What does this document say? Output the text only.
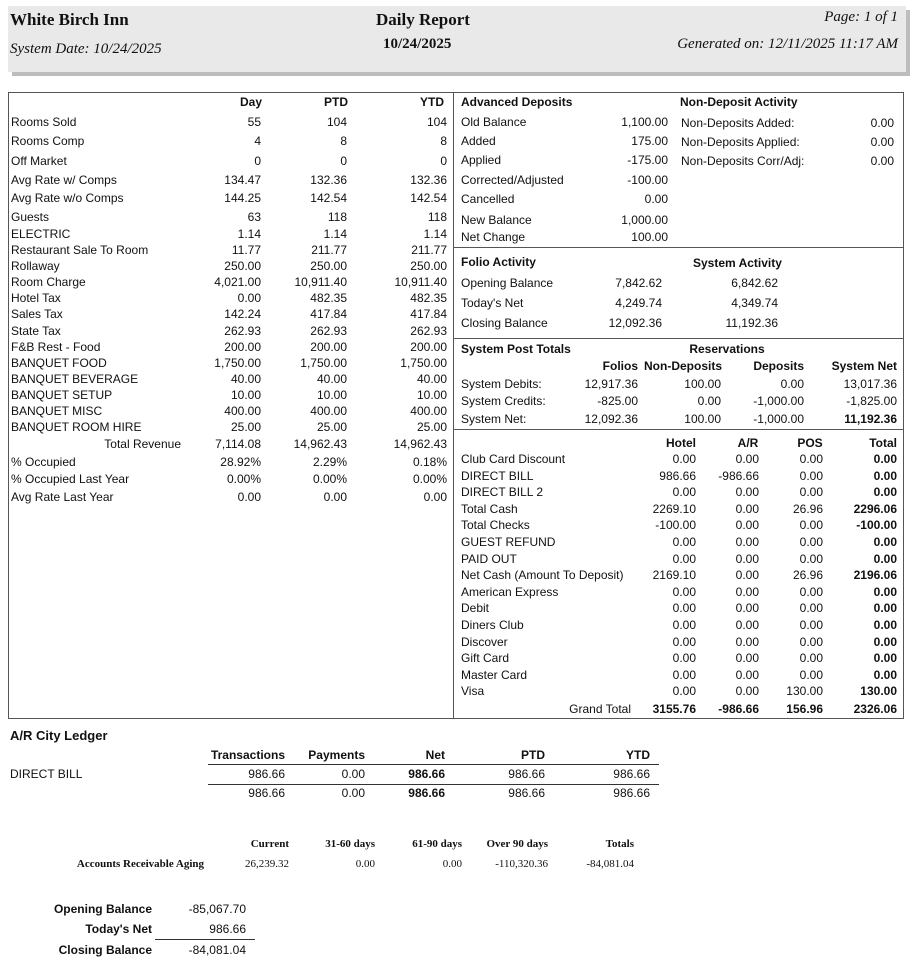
White Birch Inn
System Date: 10/24/2025
Daily Report
10/24/2025
Page: 1 of 1
Generated on: 12/11/2025 11:17 AM
Day	PTD	YTD
Rooms Sold	55	104	104
Rooms Comp	4	8	8
Off Market	0	0	0
Avg Rate w/ Comps	134.47	132.36	132.36
Avg Rate w/o Comps	144.25	142.54	142.54
Guests	63	118	118
ELECTRIC	1.14	1.14	1.14
Restaurant Sale To Room	11.77	211.77	211.77
Rollaway	250.00	250.00	250.00
Room Charge	4,021.00	10,911.40	10,911.40
Hotel Tax	0.00	482.35	482.35
Sales Tax	142.24	417.84	417.84
State Tax	262.93	262.93	262.93
F&B Rest - Food	200.00	200.00	200.00
BANQUET FOOD	1,750.00	1,750.00	1,750.00
BANQUET BEVERAGE	40.00	40.00	40.00
BANQUET SETUP	10.00	10.00	10.00
BANQUET MISC	400.00	400.00	400.00
BANQUET ROOM HIRE	25.00	25.00	25.00
Total Revenue	7,114.08	14,962.43	14,962.43
% Occupied	28.92%	2.29%	0.18%
% Occupied Last Year	0.00%	0.00%	0.00%
Avg Rate Last Year	0.00	0.00	0.00
Advanced Deposits
Old Balance	1,100.00
Added	175.00
Applied	-175.00
Corrected/Adjusted	-100.00
Cancelled	0.00
New Balance	1,000.00
Net Change	100.00
Non-Deposit Activity
Non-Deposits Added:	0.00
Non-Deposits Applied:	0.00
Non-Deposits Corr/Adj:	0.00
Folio Activity	System Activity
Opening Balance	7,842.62	6,842.62
Today's Net	4,249.74	4,349.74
Closing Balance	12,092.36	11,192.36
System Post Totals	Reservations
Folios Non-Deposits	Deposits	System Net
System Debits:	12,917.36	100.00	0.00	13,017.36
System Credits:	-825.00	0.00	-1,000.00	-1,825.00
System Net:	12,092.36	100.00	-1,000.00	11,192.36
Hotel	A/R	POS	Total
Club Card Discount	0.00	0.00	0.00	0.00
DIRECT BILL	986.66	-986.66	0.00	0.00
DIRECT BILL 2	0.00	0.00	0.00	0.00
Total Cash	2269.10	0.00	26.96	2296.06
Total Checks	-100.00	0.00	0.00	-100.00
GUEST REFUND	0.00	0.00	0.00	0.00
PAID OUT	0.00	0.00	0.00	0.00
Net Cash (Amount To Deposit)	2169.10	0.00	26.96	2196.06
American Express	0.00	0.00	0.00	0.00
Debit	0.00	0.00	0.00	0.00
Diners Club	0.00	0.00	0.00	0.00
Discover	0.00	0.00	0.00	0.00
Gift Card	0.00	0.00	0.00	0.00
Master Card	0.00	0.00	0.00	0.00
Visa	0.00	0.00	130.00	130.00
Grand Total	3155.76	-986.66	156.96	2326.06
A/R City Ledger
Transactions	Payments	Net	PTD	YTD
DIRECT BILL	986.66	0.00	986.66	986.66	986.66
986.66	0.00	986.66	986.66	986.66
Accounts Receivable Aging
Current	31-60 days	61-90 days	Over 90 days	Totals
26,239.32	0.00	0.00	-110,320.36	-84,081.04
Opening Balance	-85,067.70
Today's Net	986.66
Closing Balance	-84,081.04
